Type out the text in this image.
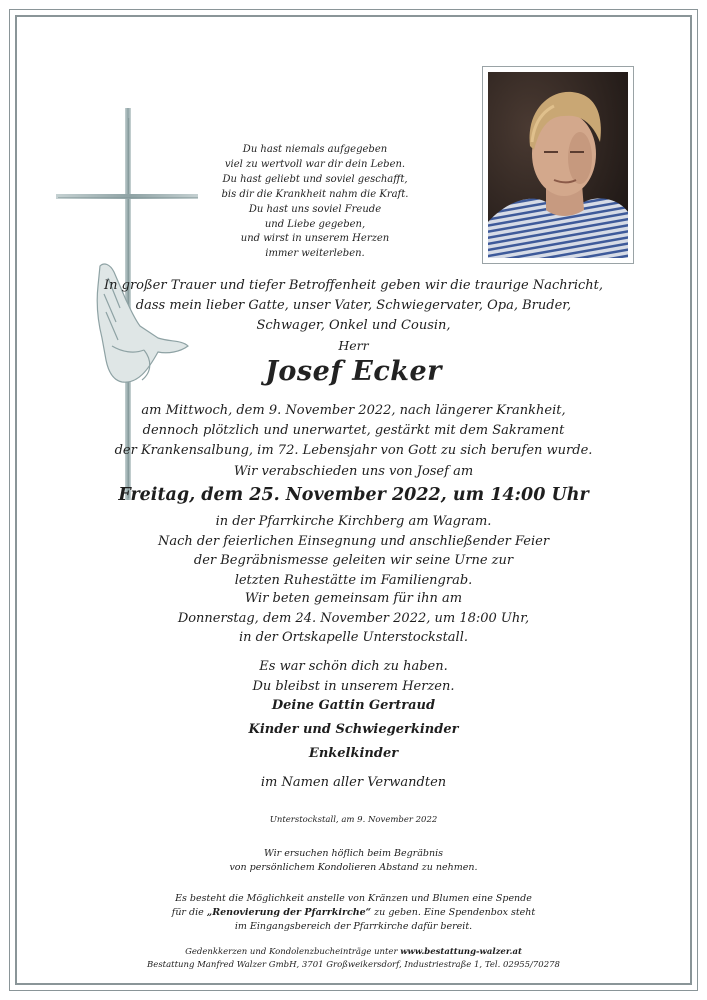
Du hast niemals aufgegeben
viel zu wertvoll war dir dein Leben.
Du hast geliebt und soviel geschafft,
bis dir die Krankheit nahm die Kraft.
Du hast uns soviel Freude
und Liebe gegeben,
und wirst in unserem Herzen
immer weiterleben.
In großer Trauer und tiefer Betroffenheit geben wir die traurige Nachricht,
dass mein lieber Gatte, unser Vater, Schwiegervater, Opa, Bruder,
Schwager, Onkel und Cousin,
Herr
Josef Ecker
am Mittwoch, dem 9. November 2022, nach längerer Krankheit,
dennoch plötzlich und unerwartet, gestärkt mit dem Sakrament
der Krankensalbung, im 72. Lebensjahr von Gott zu sich berufen wurde.
Wir verabschieden uns von Josef am
Freitag, dem 25. November 2022, um 14:00 Uhr
in der Pfarrkirche Kirchberg am Wagram.
Nach der feierlichen Einsegnung und anschließender Feier
der Begräbnismesse geleiten wir seine Urne zur
letzten Ruhestätte im Familiengrab.
Wir beten gemeinsam für ihn am
Donnerstag, dem 24. November 2022, um 18:00 Uhr,
in der Ortskapelle Unterstockstall.
Es war schön dich zu haben.
Du bleibst in unserem Herzen.
Deine Gattin Gertraud
Kinder und Schwiegerkinder
Enkelkinder
im Namen aller Verwandten
Unterstockstall, am 9. November 2022
Wir ersuchen höflich beim Begräbnis
von persönlichem Kondolieren Abstand zu nehmen.
Es besteht die Möglichkeit anstelle von Kränzen und Blumen eine Spende
für die „Renovierung der Pfarrkirche“ zu geben. Eine Spendenbox steht
im Eingangsbereich der Pfarrkirche dafür bereit.
Gedenkkerzen und Kondolenzbucheinträge unter www.bestattung-walzer.at
Bestattung Manfred Walzer GmbH, 3701 Großweikersdorf, Industriestraße 1, Tel. 02955/70278
